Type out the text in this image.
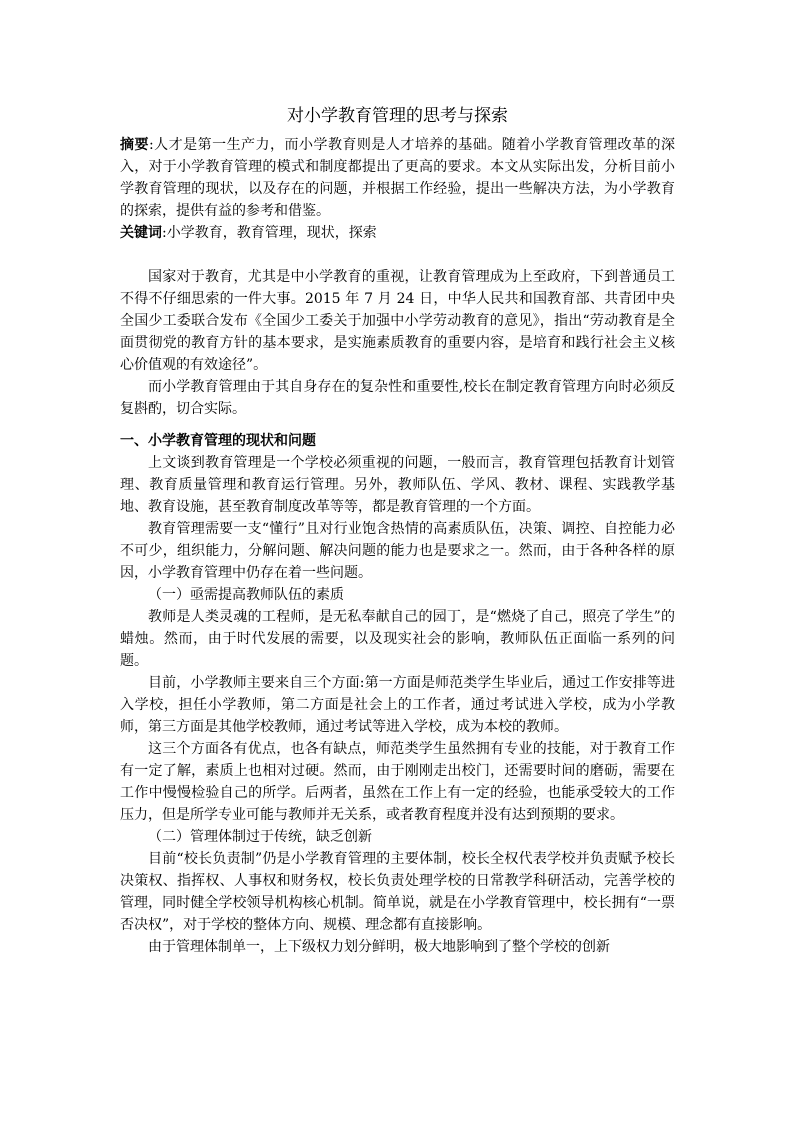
对小学教育管理的思考与探索

摘要:人才是第一生产力，而小学教育则是人才培养的基础。随着小学教育管理改革的深入，对于小学教育管理的模式和制度都提出了更高的要求。本文从实际出发，分析目前小学教育管理的现状，以及存在的问题，并根据工作经验，提出一些解决方法，为小学教育的探索，提供有益的参考和借鉴。

关键词:小学教育，教育管理，现状，探索

国家对于教育，尤其是中小学教育的重视，让教育管理成为上至政府，下到普通员工不得不仔细思索的一件大事。2015 年 7 月 24 日，中华人民共和国教育部、共青团中央全国少工委联合发布《全国少工委关于加强中小学劳动教育的意见》，指出“劳动教育是全面贯彻党的教育方针的基本要求，是实施素质教育的重要内容，是培育和践行社会主义核心价值观的有效途径”。

而小学教育管理由于其自身存在的复杂性和重要性,校长在制定教育管理方向时必须反复斟酌，切合实际。

一、小学教育管理的现状和问题

上文谈到教育管理是一个学校必须重视的问题，一般而言，教育管理包括教育计划管理、教育质量管理和教育运行管理。另外，教师队伍、学风、教材、课程、实践教学基地、教育设施，甚至教育制度改革等等，都是教育管理的一个方面。

教育管理需要一支“懂行”且对行业饱含热情的高素质队伍，决策、调控、自控能力必不可少，组织能力，分解问题、解决问题的能力也是要求之一。然而，由于各种各样的原因，小学教育管理中仍存在着一些问题。

（一）亟需提高教师队伍的素质

教师是人类灵魂的工程师，是无私奉献自己的园丁，是“燃烧了自己，照亮了学生”的蜡烛。然而，由于时代发展的需要，以及现实社会的影响，教师队伍正面临一系列的问题。

目前，小学教师主要来自三个方面:第一方面是师范类学生毕业后，通过工作安排等进入学校，担任小学教师，第二方面是社会上的工作者，通过考试进入学校，成为小学教师，第三方面是其他学校教师，通过考试等进入学校，成为本校的教师。

这三个方面各有优点，也各有缺点，师范类学生虽然拥有专业的技能，对于教育工作有一定了解，素质上也相对过硬。然而，由于刚刚走出校门，还需要时间的磨砺，需要在工作中慢慢检验自己的所学。后两者，虽然在工作上有一定的经验，也能承受较大的工作压力，但是所学专业可能与教师并无关系，或者教育程度并没有达到预期的要求。

（二）管理体制过于传统，缺乏创新

目前“校长负责制”仍是小学教育管理的主要体制，校长全权代表学校并负责赋予校长决策权、指挥权、人事权和财务权，校长负责处理学校的日常教学科研活动，完善学校的管理，同时健全学校领导机构核心机制。简单说，就是在小学教育管理中，校长拥有“一票否决权”，对于学校的整体方向、规模、理念都有直接影响。

由于管理体制单一，上下级权力划分鲜明，极大地影响到了整个学校的创新
